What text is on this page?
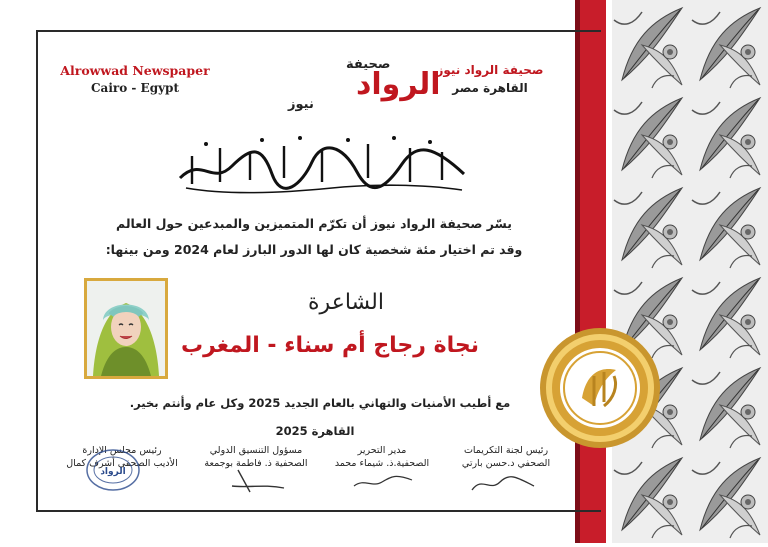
Alrowwad Newspaper
Cairo - Egypt
صحيفة الرواد نيوز
القاهرة مصر
صحيفة
الرواد
نيوز
تكريم المتميزين والمبدعين
يسّر صحيفة الرواد نيوز أن تكرّم المتميزين والمبدعين حول العالم
وقد تم اختيار مئة شخصية كان لها الدور البارز لعام 2024 ومن بينها:
الشاعرة
نجاة رجاج أم سناء - المغرب
مع أطيب الأمنيات والتهاني بالعام الجديد 2025 وكل عام وأنتم بخير.
القاهرة 2025
رئيس لجنة التكريمات
الصحفي د.حسن بارتي
مدير التحرير
الصحفية.ذ. شيماء محمد
مسؤول التنسيق الدولي
الصحفية ذ. فاطمة بوجمعة
رئيس مجلس الإدارة
الأديب الصحفي أشرف كمال
الرواد
